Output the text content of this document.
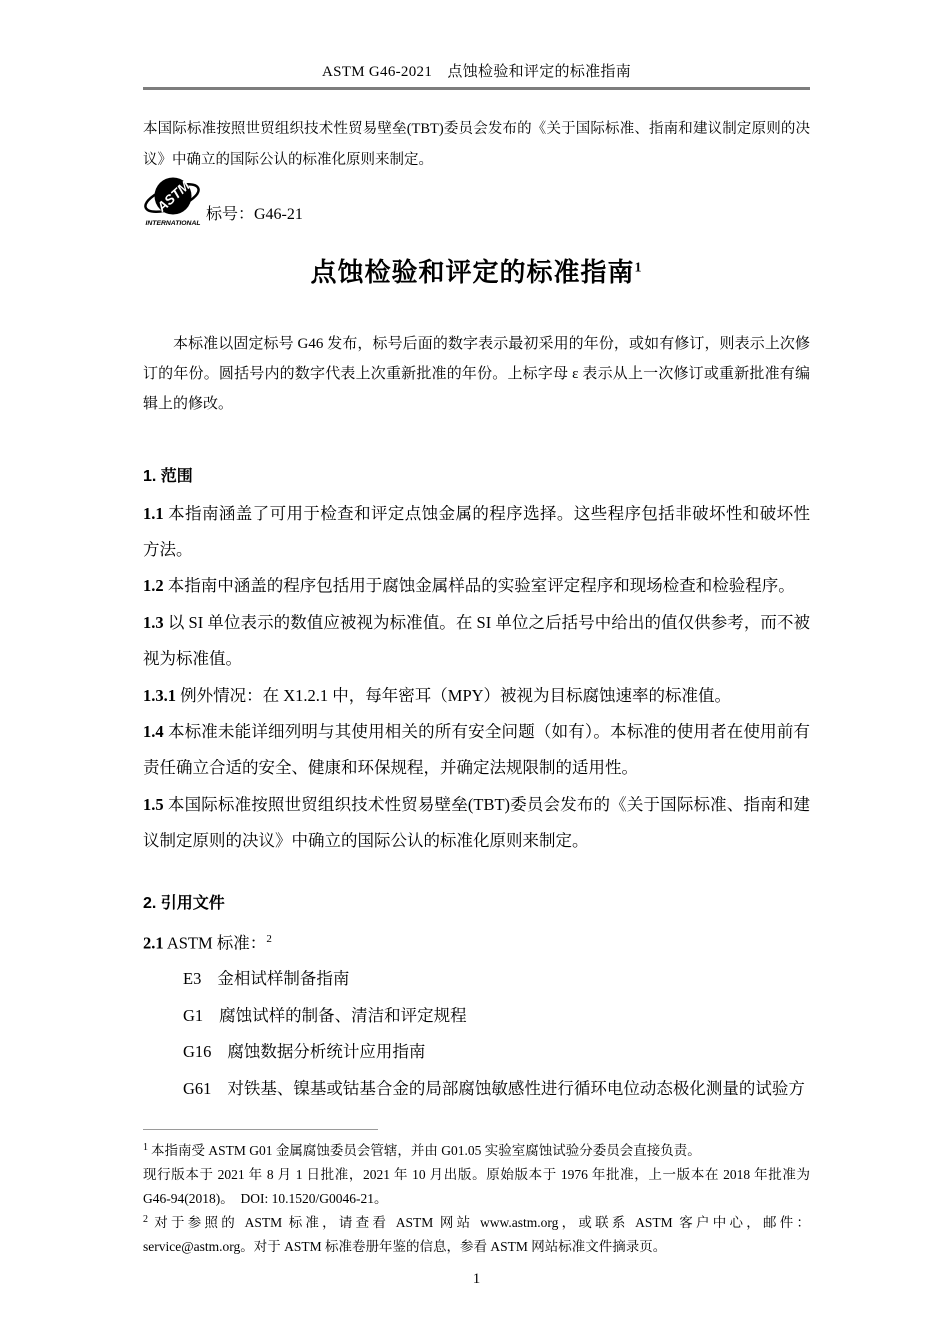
ASTM G46-2021　点蚀检验和评定的标准指南

本国际标准按照世贸组织技术性贸易壁垒(TBT)委员会发布的《关于国际标准、指南和建议制定原则的决议》中确立的国际公认的标准化原则来制定。

ASTM
INTERNATIONAL
标号：G46-21
点蚀检验和评定的标准指南$^1$

本标准以固定标号 G46 发布，标号后面的数字表示最初采用的年份，或如有修订，则表示上次修订的年份。圆括号内的数字代表上次重新批准的年份。上标字母 ε 表示从上一次修订或重新批准有编辑上的修改。

1. 范围

1.1 本指南涵盖了可用于检查和评定点蚀金属的程序选择。这些程序包括非破坏性和破坏性方法。

1.2 本指南中涵盖的程序包括用于腐蚀金属样品的实验室评定程序和现场检查和检验程序。

1.3 以 SI 单位表示的数值应被视为标准值。在 SI 单位之后括号中给出的值仅供参考，而不被视为标准值。

1.3.1 例外情况：在 X1.2.1 中，每年密耳（MPY）被视为目标腐蚀速率的标准值。

1.4 本标准未能详细列明与其使用相关的所有安全问题（如有）。本标准的使用者在使用前有责任确立合适的安全、健康和环保规程，并确定法规限制的适用性。

1.5 本国际标准按照世贸组织技术性贸易壁垒(TBT)委员会发布的《关于国际标准、指南和建议制定原则的决议》中确立的国际公认的标准化原则来制定。

2. 引用文件

2.1 ASTM 标准：$^2$

E3 金相试样制备指南
G1 腐蚀试样的制备、清洁和评定规程
G16 腐蚀数据分析统计应用指南
G61 对铁基、镍基或钴基合金的局部腐蚀敏感性进行循环电位动态极化测量的试验方

$^1$ 本指南受 ASTM G01 金属腐蚀委员会管辖，并由 G01.05 实验室腐蚀试验分委员会直接负责。
现行版本于 2021 年 8 月 1 日批准，2021 年 10 月出版。原始版本于 1976 年批准，上一版本在 2018 年批准为 G46-94(2018)。　DOI: 10.1520/G0046-21。

$^2$ 对于参照的 ASTM 标准，请查看 ASTM 网站 www.astm.org，或联系 ASTM 客户中心，邮件：service@astm.org。对于 ASTM 标准卷册年鉴的信息，参看 ASTM 网站标准文件摘录页。

1
